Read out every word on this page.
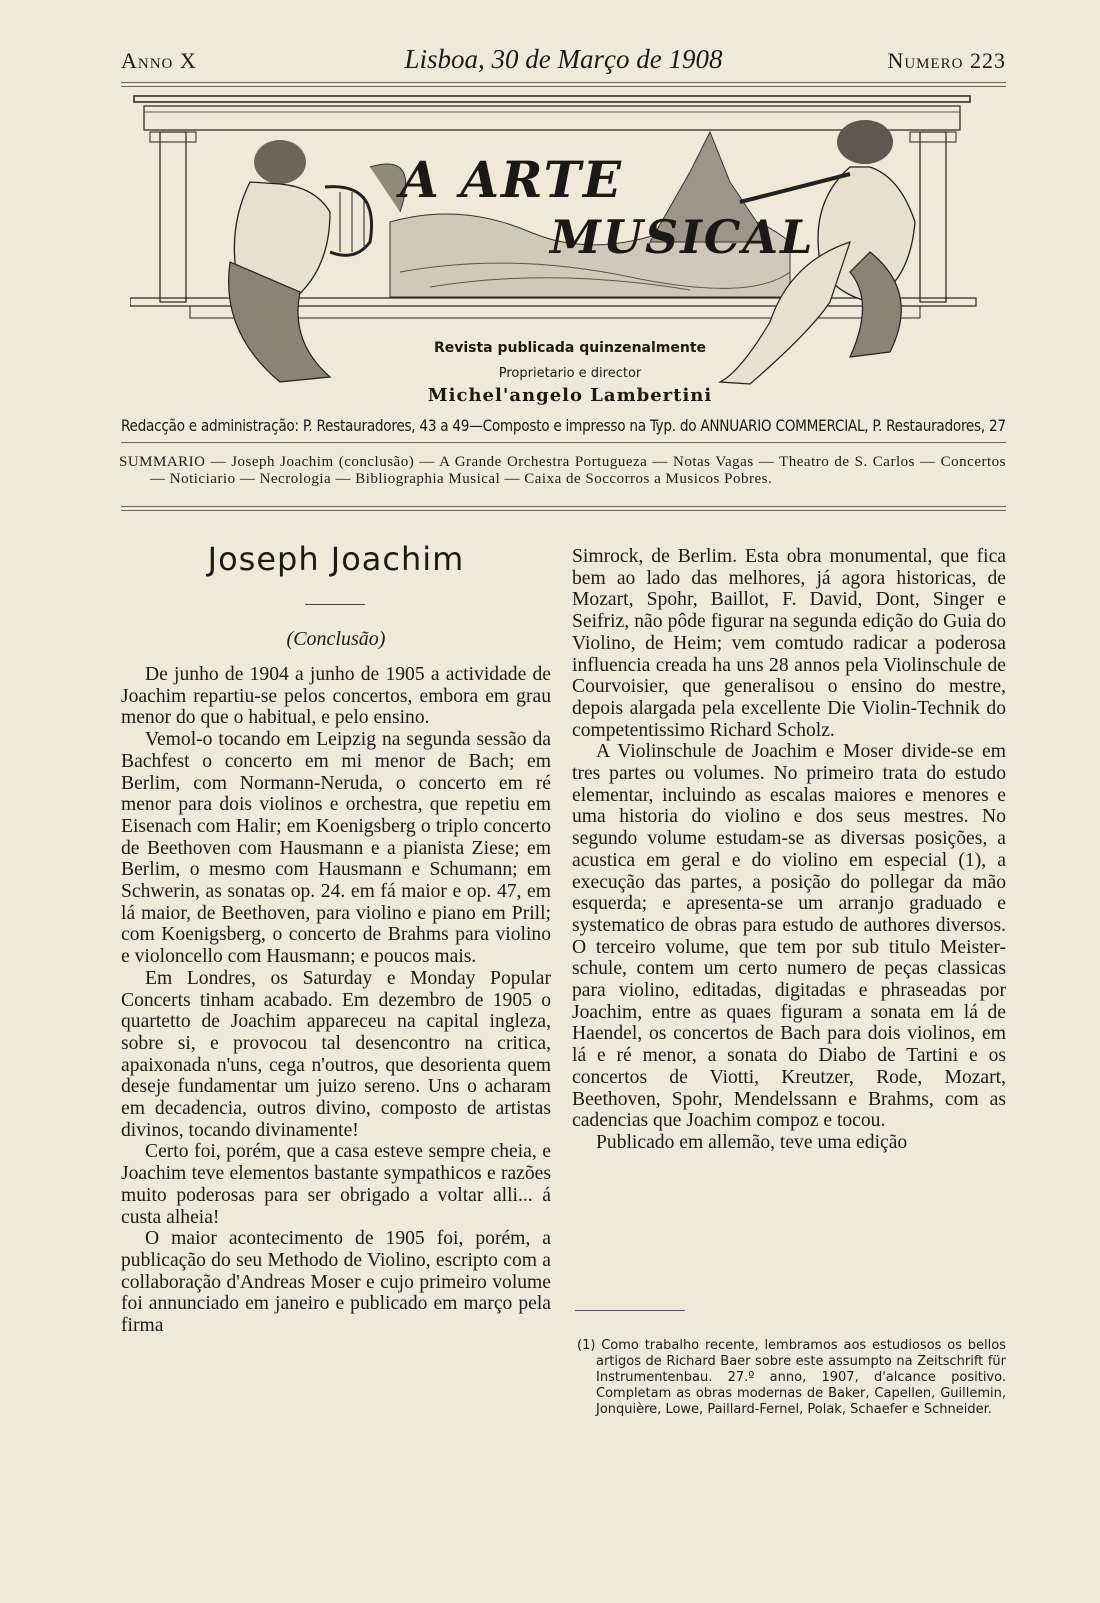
Anno X	Lisboa, 30 de Março de 1908	Numero 223
A ARTE
MUSICAL
Revista publicada quinzenalmente
Proprietario e director
Michel'angelo Lambertini
Redacção e administração: P. Restauradores, 43 a 49—Composto e impresso na Typ. do ANNUARIO COMMERCIAL, P. Restauradores, 27
SUMMARIO — Joseph Joachim (conclusão) — A Grande Orchestra Portugueza — Notas Vagas — Theatro de S. Carlos — Concertos — Noticiario — Necrologia — Bibliographia Musical — Caixa de Soccorros a Musicos Pobres.
Joseph Joachim
(Conclusão)

De junho de 1904 a junho de 1905 a actividade de Joachim repartiu-se pelos concertos, embora em grau menor do que o habitual, e pelo ensino.

Vemol-o tocando em Leipzig na segunda sessão da Bachfest o concerto em mi menor de Bach; em Berlim, com Normann-Neruda, o concerto em ré menor para dois violinos e orchestra, que repetiu em Eisenach com Halir; em Koenigsberg o triplo concerto de Beethoven com Hausmann e a pianista Ziese; em Berlim, o mesmo com Hausmann e Schumann; em Schwerin, as sonatas op. 24. em fá maior e op. 47, em lá maior, de Beethoven, para violino e piano em Prill; com Koenigsberg, o concerto de Brahms para violino e violoncello com Hausmann; e poucos mais.

Em Londres, os Saturday e Monday Popular Concerts tinham acabado. Em dezembro de 1905 o quartetto de Joachim appareceu na capital ingleza, sobre si, e provocou tal desencontro na critica, apaixonada n'uns, cega n'outros, que desorienta quem deseje fundamentar um juizo sereno. Uns o acharam em decadencia, outros divino, composto de artistas divinos, tocando divinamente!

Certo foi, porém, que a casa esteve sempre cheia, e Joachim teve elementos bastante sympathicos e razões muito poderosas para ser obrigado a voltar alli... á custa alheia!

O maior acontecimento de 1905 foi, porém, a publicação do seu Methodo de Violino, escripto com a collaboração d'Andreas Moser e cujo primeiro volume foi annunciado em janeiro e publicado em março pela firma

Simrock, de Berlim. Esta obra monumental, que fica bem ao lado das melhores, já agora historicas, de Mozart, Spohr, Baillot, F. David, Dont, Singer e Seifriz, não pôde figurar na segunda edição do Guia do Violino, de Heim; vem comtudo radicar a poderosa influencia creada ha uns 28 annos pela Violinschule de Courvoisier, que generalisou o ensino do mestre, depois alargada pela excellente Die Violin-Technik do competentissimo Richard Scholz.

A Violinschule de Joachim e Moser divide-se em tres partes ou volumes. No primeiro trata do estudo elementar, incluindo as escalas maiores e menores e uma historia do violino e dos seus mestres. No segundo volume estudam-se as diversas posições, a acustica em geral e do violino em especial (1), a execução das partes, a posição do pollegar da mão esquerda; e apresenta-se um arranjo graduado e systematico de obras para estudo de authores diversos. O terceiro volume, que tem por sub titulo Meister-schule, contem um certo numero de peças classicas para violino, editadas, digitadas e phraseadas por Joachim, entre as quaes figuram a sonata em lá de Haendel, os concertos de Bach para dois violinos, em lá e ré menor, a sonata do Diabo de Tartini e os concertos de Viotti, Kreutzer, Rode, Mozart, Beethoven, Spohr, Mendelssann e Brahms, com as cadencias que Joachim compoz e tocou.

Publicado em allemão, teve uma edição

(1) Como trabalho recente, lembramos aos estudiosos os bellos artigos de Richard Baer sobre este assumpto na Zeitschrift für Instrumentenbau. 27.º anno, 1907, d'alcance positivo. Completam as obras modernas de Baker, Capellen, Guillemin, Jonquière, Lowe, Paillard-Fernel, Polak, Schaefer e Schneider.
